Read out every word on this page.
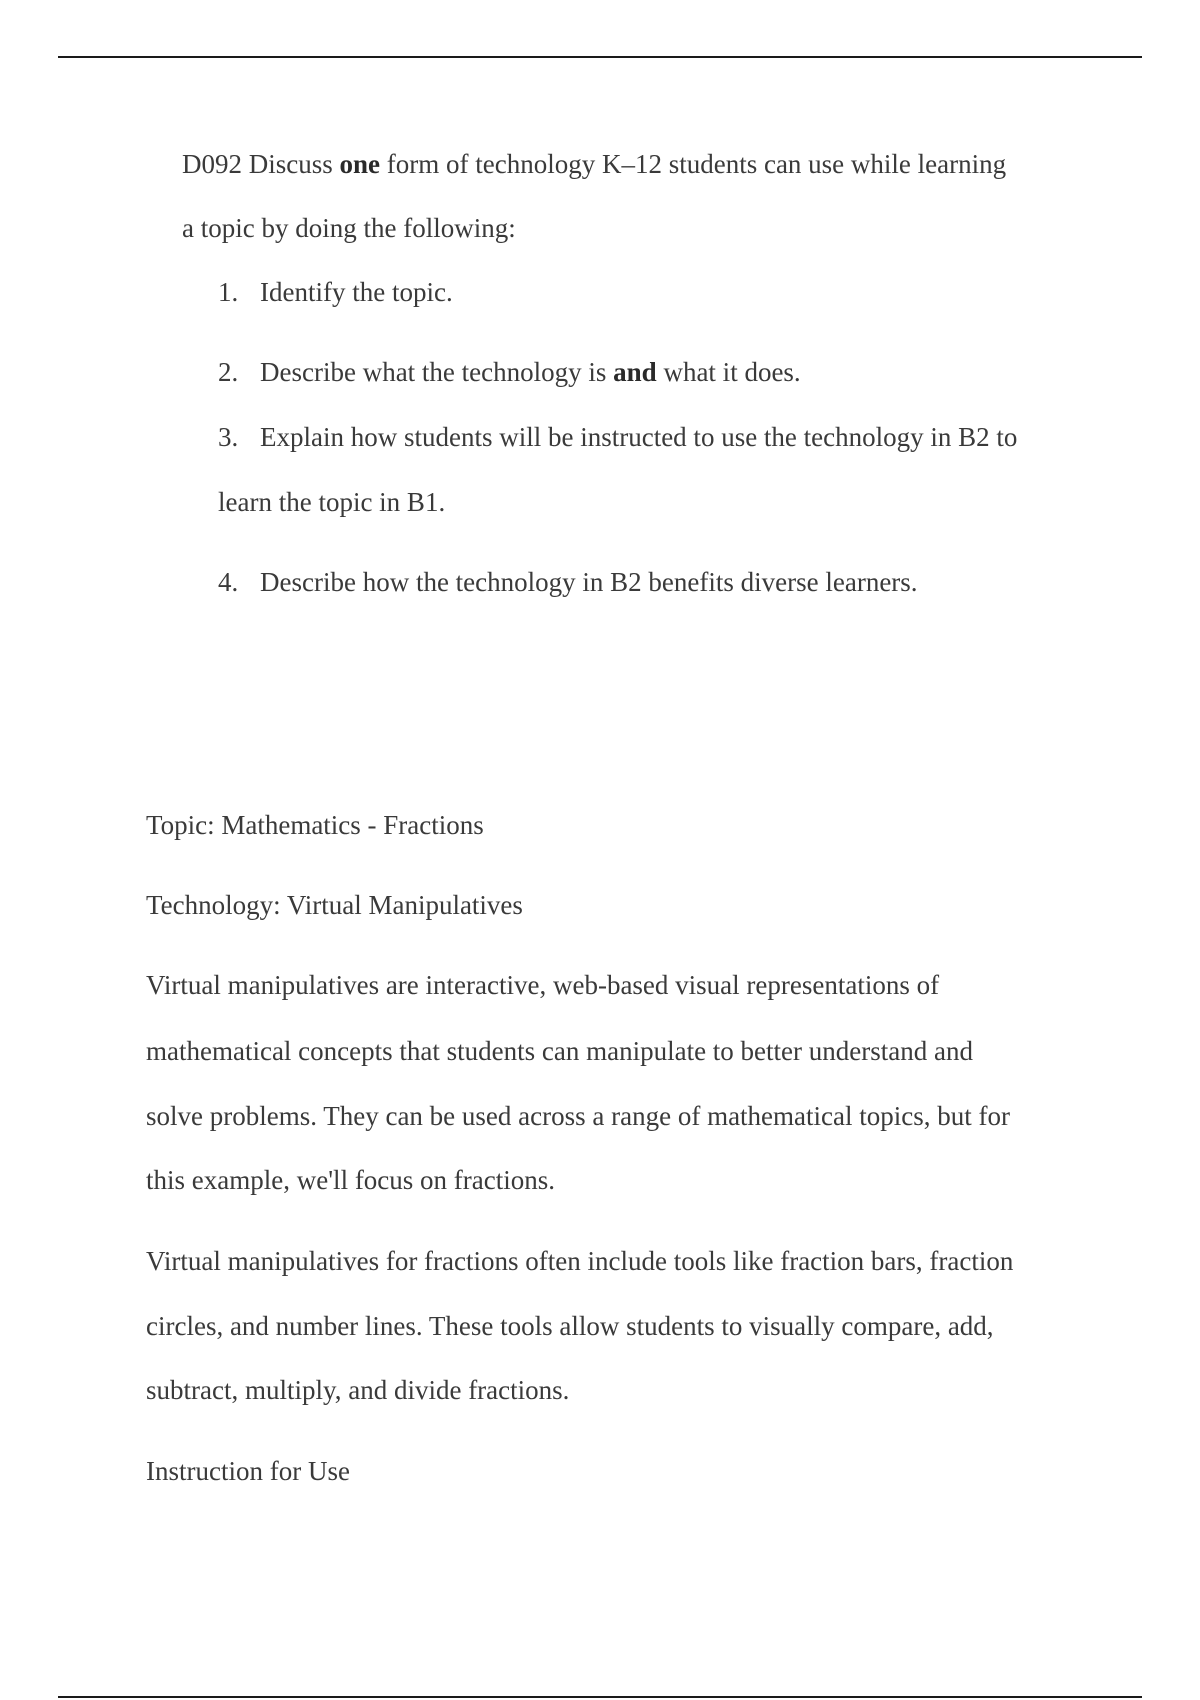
D092 Discuss one form of technology K–12 students can use while learning

a topic by doing the following:

1. Identify the topic.

2. Describe what the technology is and what it does.

3. Explain how students will be instructed to use the technology in B2 to

learn the topic in B1.

4. Describe how the technology in B2 benefits diverse learners.

Topic: Mathematics - Fractions

Technology: Virtual Manipulatives

Virtual manipulatives are interactive, web-based visual representations of

mathematical concepts that students can manipulate to better understand and

solve problems. They can be used across a range of mathematical topics, but for

this example, we'll focus on fractions.

Virtual manipulatives for fractions often include tools like fraction bars, fraction

circles, and number lines. These tools allow students to visually compare, add,

subtract, multiply, and divide fractions.

Instruction for Use
